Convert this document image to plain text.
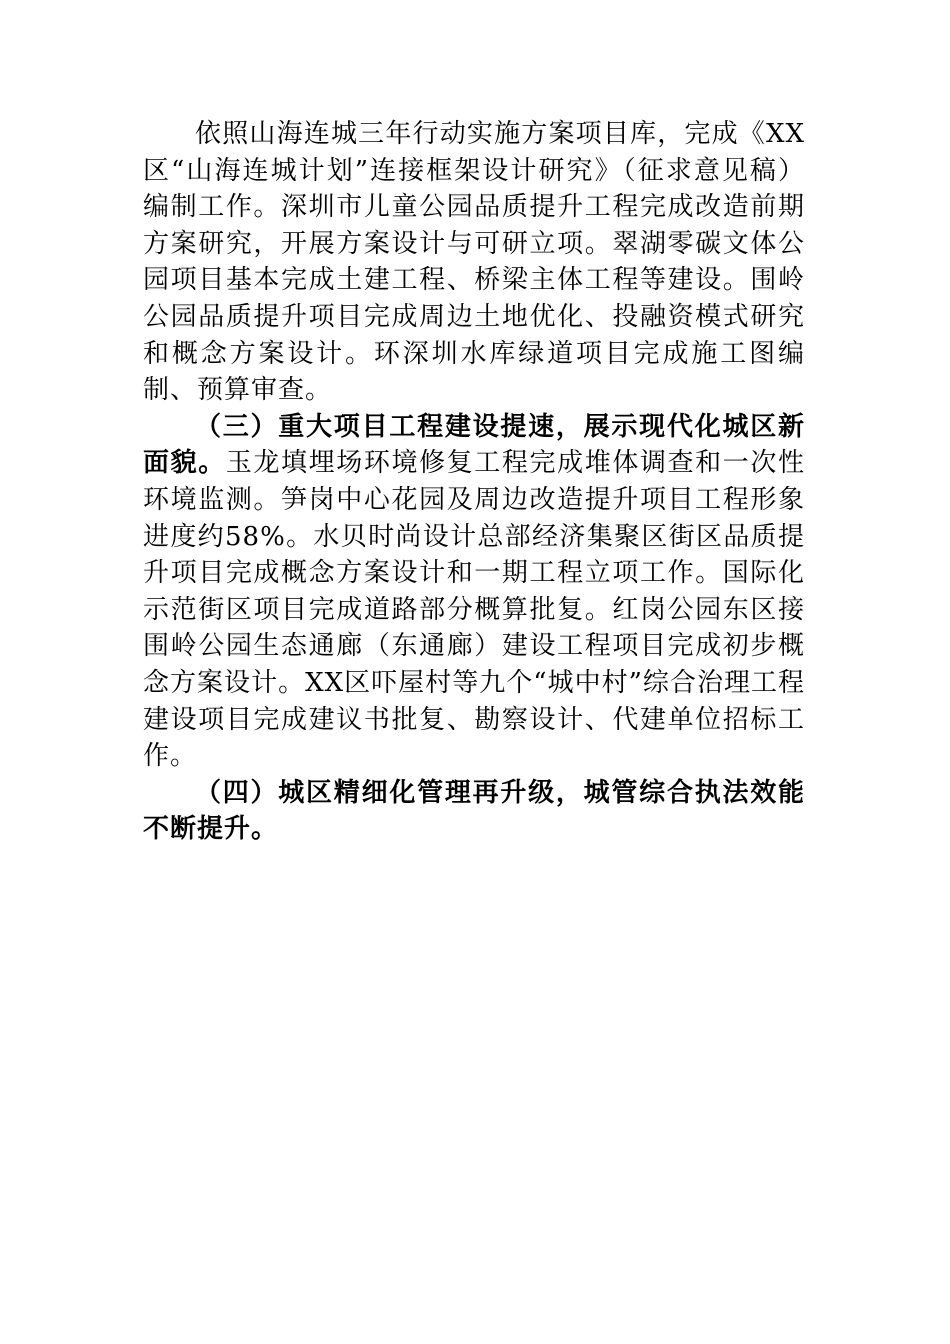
依照山海连城三年行动实施方案项目库，完成《XX区“山海连城计划”连接框架设计研究》（征求意见稿）编制工作。深圳市儿童公园品质提升工程完成改造前期方案研究，开展方案设计与可研立项。翠湖零碳文体公园项目基本完成土建工程、桥梁主体工程等建设。围岭公园品质提升项目完成周边土地优化、投融资模式研究和概念方案设计。环深圳水库绿道项目完成施工图编制、预算审查。

（三）重大项目工程建设提速，展示现代化城区新面貌。玉龙填埋场环境修复工程完成堆体调查和一次性环境监测。笋岗中心花园及周边改造提升项目工程形象进度约58%。水贝时尚设计总部经济集聚区街区品质提升项目完成概念方案设计和一期工程立项工作。国际化示范街区项目完成道路部分概算批复。红岗公园东区接围岭公园生态通廊（东通廊）建设工程项目完成初步概念方案设计。XX区吓屋村等九个“城中村”综合治理工程建设项目完成建议书批复、勘察设计、代建单位招标工作。

（四）城区精细化管理再升级，城管综合执法效能不断提升。
